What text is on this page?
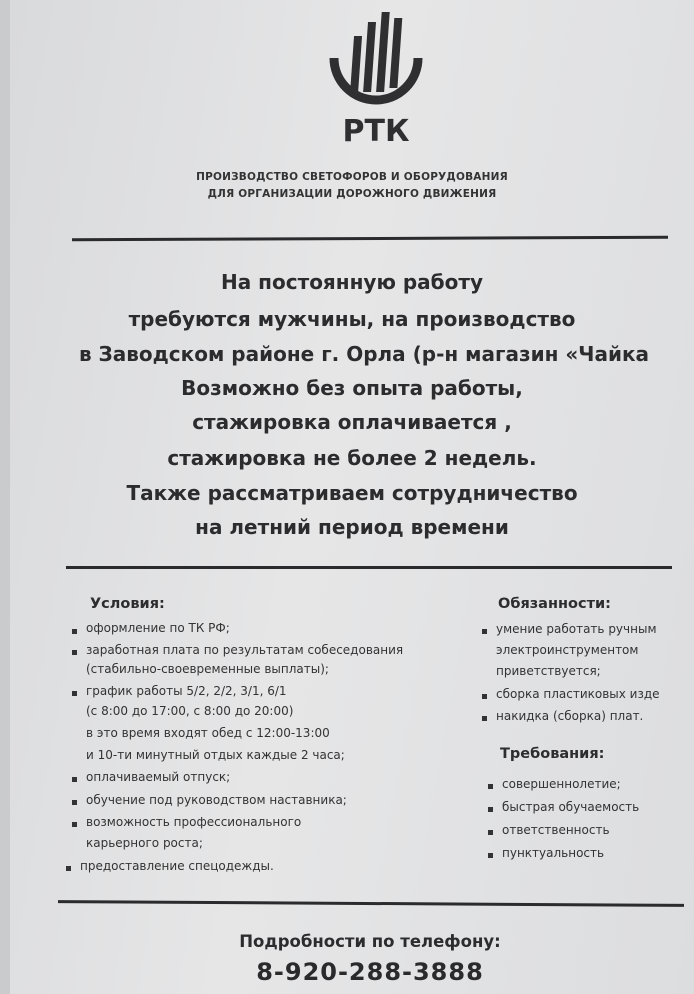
РТК
ПРОИЗВОДСТВО СВЕТОФОРОВ И ОБОРУДОВАНИЯ
ДЛЯ ОРГАНИЗАЦИИ ДОРОЖНОГО ДВИЖЕНИЯ
На постоянную работу
требуются мужчины, на производство
в Заводском районе г. Орла (р-н магазин «Чайка
Возможно без опыта работы,
стажировка оплачивается ,
стажировка не более 2 недель.
Также рассматриваем сотрудничество
на летний период времени
Условия:
оформление по ТК РФ;
заработная плата по результатам собеседования
(стабильно-своевременные выплаты);
график работы 5/2, 2/2, 3/1, 6/1
(с 8:00 до 17:00, с 8:00 до 20:00)
в это время входят обед с 12:00-13:00
и 10-ти минутный отдых каждые 2 часа;
оплачиваемый отпуск;
обучение под руководством наставника;
возможность профессионального
карьерного роста;
предоставление спецодежды.
Обязанности:
умение работать ручным
электроинструментом
приветствуется;
сборка пластиковых изде
накидка (сборка) плат.
Требования:
совершеннолетие;
быстрая обучаемость
ответственность
пунктуальность
Подробности по телефону:
8-920-288-3888
